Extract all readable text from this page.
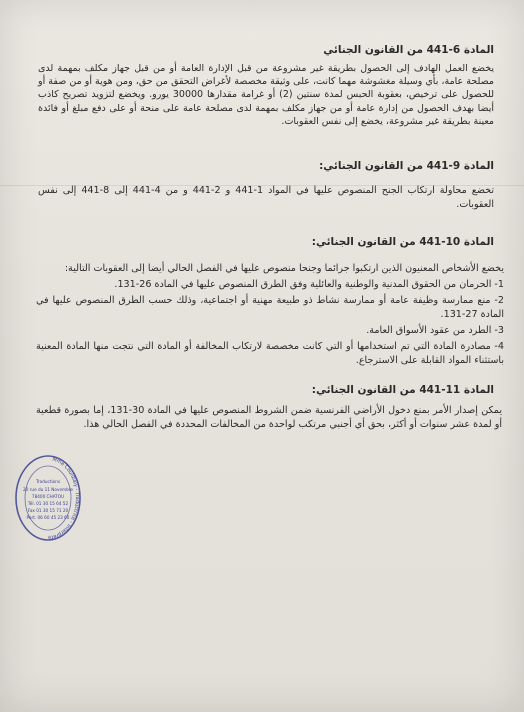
المادة 6-441 من القانون الجنائي
يخضع العمل الهادف إلى الحصول بطريقة غير مشروعة من قبل الإدارة العامة أو من قبل جهاز مكلف بمهمة لدى مصلحة عامة، بأي وسيلة مغشوشة مهما كانت، على وثيقة مخصصة لأغراض التحقق من حق، ومن هوية أو من صفة أو للحصول على ترخيص، بعقوبة الحبس لمدة سنتين (2) أو غرامة مقدارها 30000 يورو. ويخضع لتزويد تصريح كاذب أيضا بهدف الحصول من إدارة عامة أو من جهاز مكلف بمهمة لدى مصلحة عامة على منحة أو على دفع مبلغ أو فائدة معينة بطريقة غير مشروعة، يخضع إلى نفس العقوبات.
المادة 9-441 من القانون الجنائي:
تخضع محاولة ارتكاب الجنح المنصوص عليها في المواد 1-441 و 2-441 و من 4-441 إلى 8-441 إلى نفس العقوبات.
المادة 10-441 من القانون الجنائي:
يخضع الأشخاص المعنيون الذين ارتكبوا جرائما وجنحا منصوص عليها في الفصل الحالي أيضا إلى العقوبات التالية:
1- الحرمان من الحقوق المدنية والوطنية والعائلية وفق الطرق المنصوص عليها في المادة 26-131.
2- منع ممارسة وظيفة عامة أو ممارسة نشاط ذو طبيعة مهنية أو اجتماعية، وذلك حسب الطرق المنصوص عليها في المادة 27-131.
3- الطرد من عقود الأسواق العامة.
4- مصادرة المادة التي تم استخدامها أو التي كانت مخصصة لارتكاب المخالفة أو المادة التي نتجت منها المادة المعنية باستثناء المواد القابلة على الاسترجاع.
المادة 11-441 من القانون الجنائي:
يمكن إصدار الأمر بمنع دخول الأراضي الفرنسية ضمن الشروط المنصوص عليها في المادة 30-131، إما بصورة قطعية أو لمدة عشر سنوات أو أكثر، بحق أي أجنبي مرتكب لواحدة من المخالفات المحددة في الفصل الحالي هذا.
Mme Coulibaly - Traductrice - Interprète
Traductions
20 rue du 11 Novembre
78400 CHATOU
Tél. 01 30 15 64 52
Fax 01 30 15 71 20
Port. 06 60 45 23 60
